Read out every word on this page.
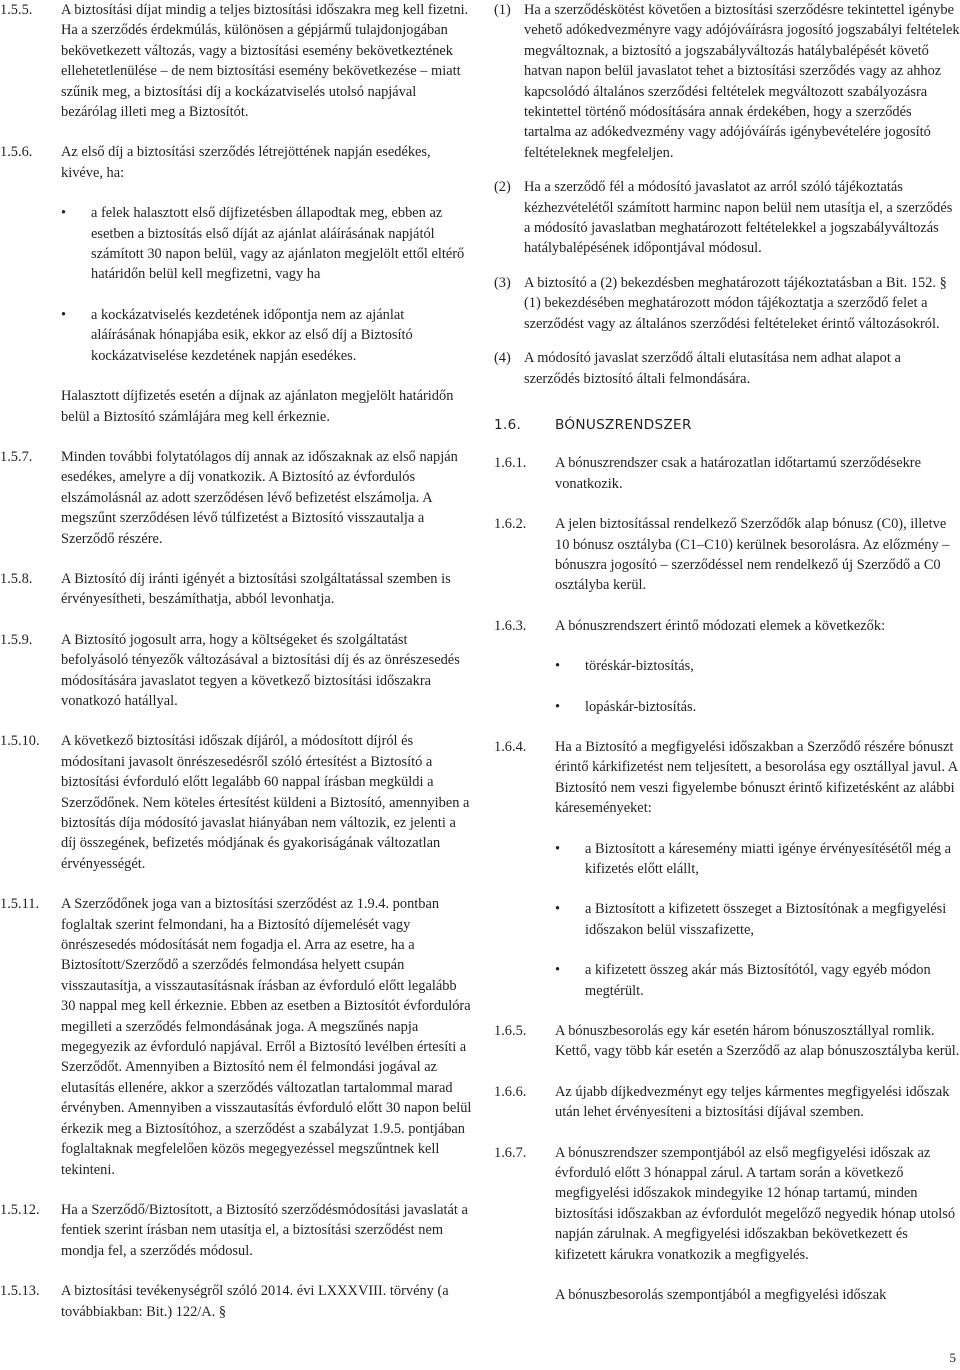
1.5.5. A biztosítási díjat mindig a teljes biztosítási időszakra meg kell fizetni. Ha a szerződés érdekmúlás, különösen a gépjármű tulajdonjogában bekövetkezett változás, vagy a biztosítási esemény bekövetkeztének ellehetetlenülése – de nem biztosítási esemény bekövetkezése – miatt szűnik meg, a biztosítási díj a kockázatviselés utolsó napjával bezárólag illeti meg a Biztosítót.

1.5.6. Az első díj a biztosítási szerződés létrejöttének napján esedékes, kivéve, ha:

• a felek halasztott első díjfizetésben állapodtak meg, ebben az esetben a biztosítás első díját az ajánlat aláírásának napjától számított 30 napon belül, vagy az ajánlaton megjelölt ettől eltérő határidőn belül kell megfizetni, vagy ha
• a kockázatviselés kezdetének időpontja nem az ajánlat aláírásának hónapjába esik, ekkor az első díj a Biztosító kockázatviselése kezdetének napján esedékes.

Halasztott díjfizetés esetén a díjnak az ajánlaton megjelölt határidőn belül a Biztosító számlájára meg kell érkeznie.

1.5.7. Minden további folytatólagos díj annak az időszaknak az első napján esedékes, amelyre a díj vonatkozik. A Biztosító az évfordulós elszámolásnál az adott szerződésen lévő befizetést elszámolja. A megszűnt szerződésen lévő túlfizetést a Biztosító visszautalja a Szerződő részére.

1.5.8. A Biztosító díj iránti igényét a biztosítási szolgáltatással szemben is érvényesítheti, beszámíthatja, abból levonhatja.

1.5.9. A Biztosító jogosult arra, hogy a költségeket és szolgáltatást befolyásoló tényezők változásával a biztosítási díj és az önrészesedés módosítására javaslatot tegyen a következő biztosítási időszakra vonatkozó hatállyal.

1.5.10. A következő biztosítási időszak díjáról, a módosított díjról és módosítani javasolt önrészesedésről szóló értesítést a Biztosító a biztosítási évforduló előtt legalább 60 nappal írásban megküldi a Szerződőnek. Nem köteles értesítést küldeni a Biztosító, amennyiben a biztosítás díja módosító javaslat hiányában nem változik, ez jelenti a díj összegének, befizetés módjának és gyakoriságának változatlan érvényességét.

1.5.11. A Szerződőnek joga van a biztosítási szerződést az 1.9.4. pontban foglaltak szerint felmondani, ha a Biztosító díjemelését vagy önrészesedés módosítását nem fogadja el. Arra az esetre, ha a Biztosított/Szerződő a szerződés felmondása helyett csupán visszautasítja, a visszautasításnak írásban az évforduló előtt legalább 30 nappal meg kell érkeznie. Ebben az esetben a Biztosítót évfordulóra megilleti a szerződés felmondásának joga. A megszűnés napja megegyezik az évforduló napjával. Erről a Biztosító levélben értesíti a Szerződőt. Amennyiben a Biztosító nem él felmondási jogával az elutasítás ellenére, akkor a szerződés változatlan tartalommal marad érvényben. Amennyiben a visszautasítás évforduló előtt 30 napon belül érkezik meg a Biztosítóhoz, a szerződést a szabályzat 1.9.5. pontjában foglaltaknak megfelelően közös megegyezéssel megszűntnek kell tekinteni.

1.5.12. Ha a Szerződő/Biztosított, a Biztosító szerződésmódosítási javaslatát a fentiek szerint írásban nem utasítja el, a biztosítási szerződést nem mondja fel, a szerződés módosul.

1.5.13. A biztosítási tevékenységről szóló 2014. évi LXXXVIII. törvény (a továbbiakban: Bit.) 122/A. §

(1) Ha a szerződéskötést követően a biztosítási szerződésre tekintettel igénybe vehető adókedvezményre vagy adójóváírásra jogosító jogszabályi feltételek megváltoznak, a biztosító a jogszabályváltozás hatálybalépését követő hatvan napon belül javaslatot tehet a biztosítási szerződés vagy az ahhoz kapcsolódó általános szerződési feltételek megváltozott szabályozásra tekintettel történő módosítására annak érdekében, hogy a szerződés tartalma az adókedvezmény vagy adójóváírás igénybevételére jogosító feltételeknek megfeleljen.

(2) Ha a szerződő fél a módosító javaslatot az arról szóló tájékoztatás kézhezvételétől számított harminc napon belül nem utasítja el, a szerződés a módosító javaslatban meghatározott feltételekkel a jogszabályváltozás hatálybalépésének időpontjával módosul.

(3) A biztosító a (2) bekezdésben meghatározott tájékoztatásban a Bit. 152. § (1) bekezdésében meghatározott módon tájékoztatja a szerződő felet a szerződést vagy az általános szerződési feltételeket érintő változásokról.

(4) A módosító javaslat szerződő általi elutasítása nem adhat alapot a szerződés biztosító általi felmondására.

1.6. BÓNUSZRENDSZER
1.6.1. A bónuszrendszer csak a határozatlan időtartamú szerződésekre vonatkozik.

1.6.2. A jelen biztosítással rendelkező Szerződők alap bónusz (C0), illetve 10 bónusz osztályba (C1–C10) kerülnek besorolásra. Az előzmény – bónuszra jogosító – szerződéssel nem rendelkező új Szerződő a C0 osztályba kerül.

1.6.3. A bónuszrendszert érintő módozati elemek a következők:

• töréskár-biztosítás,
• lopáskár-biztosítás.
1.6.4. Ha a Biztosító a megfigyelési időszakban a Szerződő részére bónuszt érintő kárkifizetést nem teljesített, a besorolása egy osztállyal javul. A Biztosító nem veszi figyelembe bónuszt érintő kifizetésként az alábbi káreseményeket:

• a Biztosított a káresemény miatti igénye érvényesítésétől még a kifizetés előtt elállt,
• a Biztosított a kifizetett összeget a Biztosítónak a megfigyelési időszakon belül visszafizette,
• a kifizetett összeg akár más Biztosítótól, vagy egyéb módon megtérült.
1.6.5. A bónuszbesorolás egy kár esetén három bónuszosztállyal romlik. Kettő, vagy több kár esetén a Szerződő az alap bónuszosztályba kerül.

1.6.6. Az újabb díjkedvezményt egy teljes kármentes megfigyelési időszak után lehet érvényesíteni a biztosítási díjával szemben.

1.6.7. A bónuszrendszer szempontjából az első megfigyelési időszak az évforduló előtt 3 hónappal zárul. A tartam során a következő megfigyelési időszakok mindegyike 12 hónap tartamú, minden biztosítási időszakban az évfordulót megelőző negyedik hónap utolsó napján zárulnak. A megfigyelési időszakban bekövetkezett és kifizetett kárukra vonatkozik a megfigyelés.

A bónuszbesorolás szempontjából a megfigyelési időszak

5
